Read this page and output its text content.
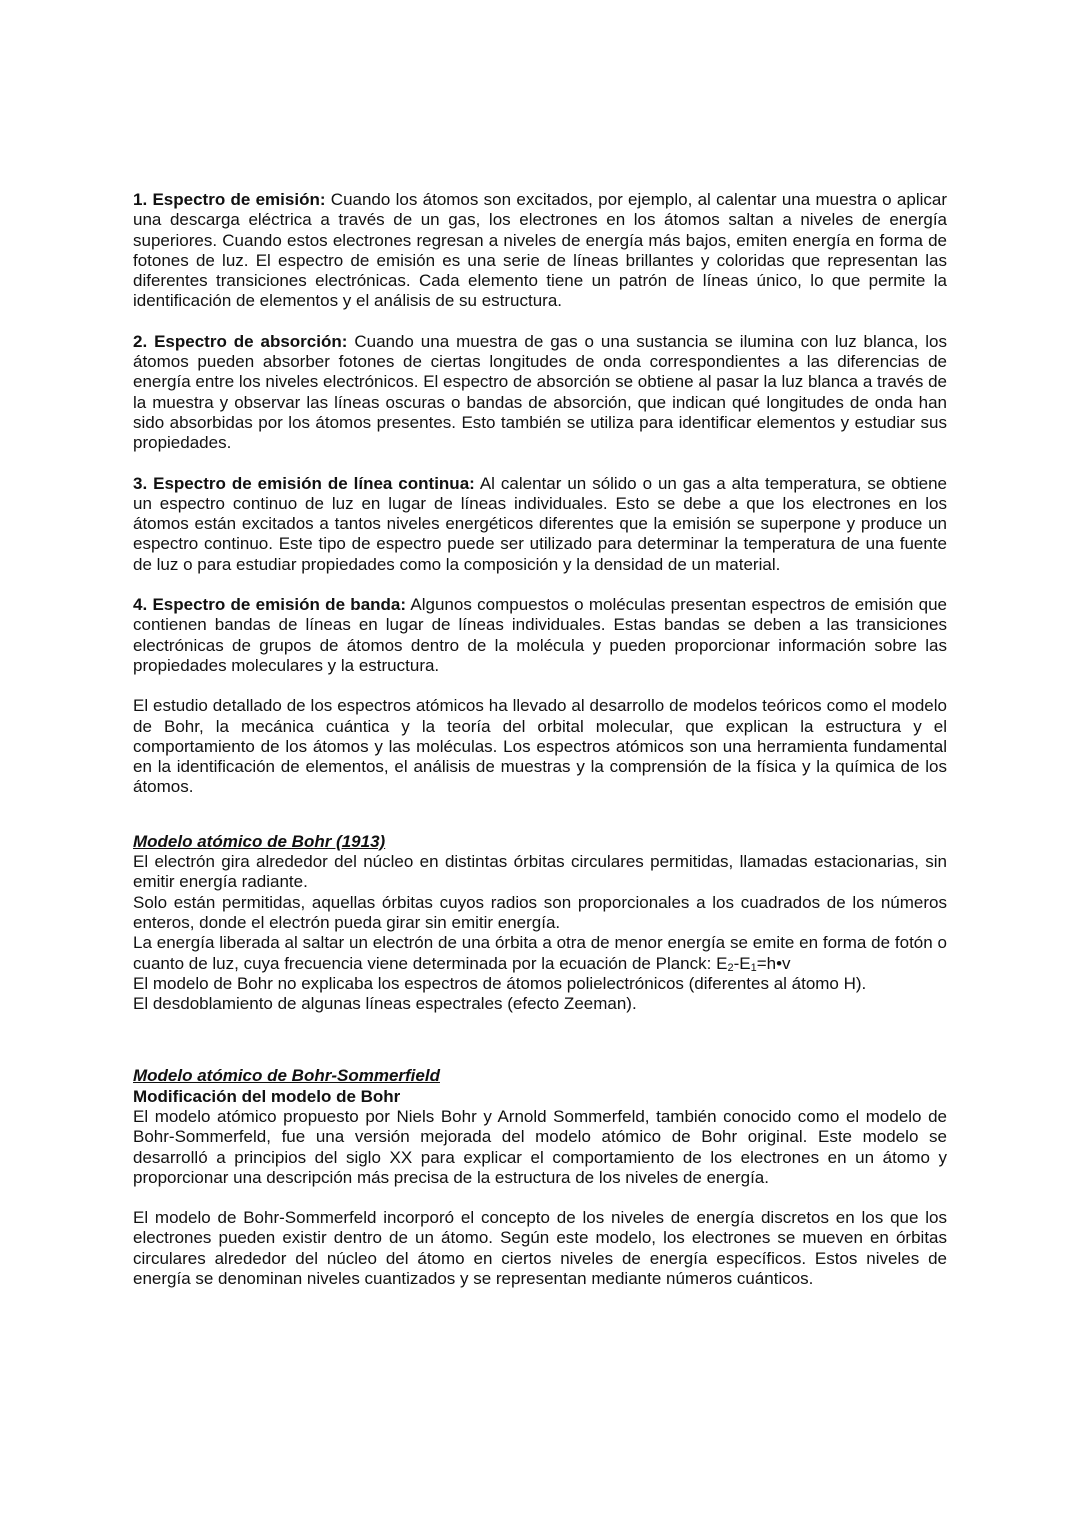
1. Espectro de emisión: Cuando los átomos son excitados, por ejemplo, al calentar una muestra o aplicar una descarga eléctrica a través de un gas, los electrones en los átomos saltan a niveles de energía superiores. Cuando estos electrones regresan a niveles de energía más bajos, emiten energía en forma de fotones de luz. El espectro de emisión es una serie de líneas brillantes y coloridas que representan las diferentes transiciones electrónicas. Cada elemento tiene un patrón de líneas único, lo que permite la identificación de elementos y el análisis de su estructura.

2. Espectro de absorción: Cuando una muestra de gas o una sustancia se ilumina con luz blanca, los átomos pueden absorber fotones de ciertas longitudes de onda correspondientes a las diferencias de energía entre los niveles electrónicos. El espectro de absorción se obtiene al pasar la luz blanca a través de la muestra y observar las líneas oscuras o bandas de absorción, que indican qué longitudes de onda han sido absorbidas por los átomos presentes. Esto también se utiliza para identificar elementos y estudiar sus propiedades.

3. Espectro de emisión de línea continua: Al calentar un sólido o un gas a alta temperatura, se obtiene un espectro continuo de luz en lugar de líneas individuales. Esto se debe a que los electrones en los átomos están excitados a tantos niveles energéticos diferentes que la emisión se superpone y produce un espectro continuo. Este tipo de espectro puede ser utilizado para determinar la temperatura de una fuente de luz o para estudiar propiedades como la composición y la densidad de un material.

4. Espectro de emisión de banda: Algunos compuestos o moléculas presentan espectros de emisión que contienen bandas de líneas en lugar de líneas individuales. Estas bandas se deben a las transiciones electrónicas de grupos de átomos dentro de la molécula y pueden proporcionar información sobre las propiedades moleculares y la estructura.

El estudio detallado de los espectros atómicos ha llevado al desarrollo de modelos teóricos como el modelo de Bohr, la mecánica cuántica y la teoría del orbital molecular, que explican la estructura y el comportamiento de los átomos y las moléculas. Los espectros atómicos son una herramienta fundamental en la identificación de elementos, el análisis de muestras y la comprensión de la física y la química de los átomos.

Modelo atómico de Bohr (1913)

El electrón gira alrededor del núcleo en distintas órbitas circulares permitidas, llamadas estacionarias, sin emitir energía radiante.

Solo están permitidas, aquellas órbitas cuyos radios son proporcionales a los cuadrados de los números enteros, donde el electrón pueda girar sin emitir energía.

La energía liberada al saltar un electrón de una órbita a otra de menor energía se emite en forma de fotón o cuanto de luz, cuya frecuencia viene determinada por la ecuación de Planck: $E_2-E_1=h•v$

El modelo de Bohr no explicaba los espectros de átomos polielectrónicos (diferentes al átomo H).

El desdoblamiento de algunas líneas espectrales (efecto Zeeman).

Modelo atómico de Bohr-Sommerfield

Modificación del modelo de Bohr

El modelo atómico propuesto por Niels Bohr y Arnold Sommerfeld, también conocido como el modelo de Bohr-Sommerfeld, fue una versión mejorada del modelo atómico de Bohr original. Este modelo se desarrolló a principios del siglo XX para explicar el comportamiento de los electrones en un átomo y proporcionar una descripción más precisa de la estructura de los niveles de energía.

El modelo de Bohr-Sommerfeld incorporó el concepto de los niveles de energía discretos en los que los electrones pueden existir dentro de un átomo. Según este modelo, los electrones se mueven en órbitas circulares alrededor del núcleo del átomo en ciertos niveles de energía específicos. Estos niveles de energía se denominan niveles cuantizados y se representan mediante números cuánticos.
